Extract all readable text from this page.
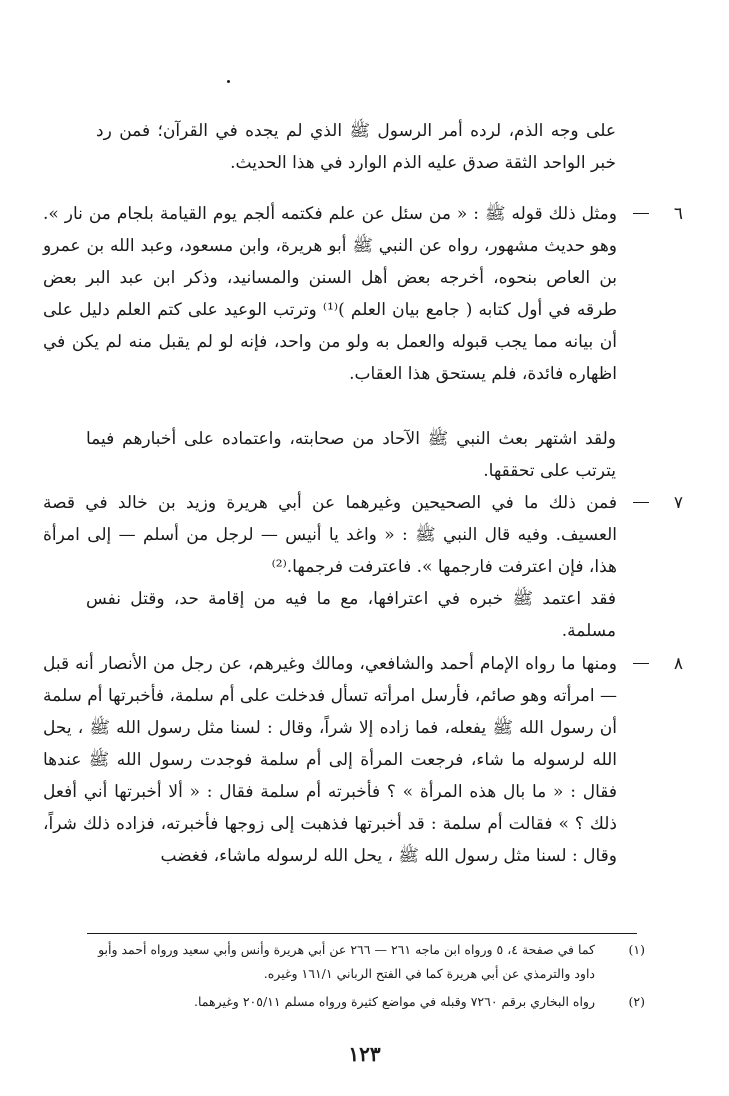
على وجه الذم، لرده أمر الرسول ﷺ الذي لم يجده في القرآن؛ فمن رد خبر الواحد الثقة صدق عليه الذم الوارد في هذا الحديث.
٦
ومثل ذلك قوله ﷺ : « من سئل عن علم فكتمه ألجم يوم القيامة بلجام من نار ». وهو حديث مشهور، رواه عن النبي ﷺ أبو هريرة، وابن مسعود، وعبد الله بن عمرو بن العاص بنحوه، أخرجه بعض أهل السنن والمسانيد، وذكر ابن عبد البر بعض طرقه في أول كتابه ( جامع بيان العلم )⁽¹⁾ وترتب الوعيد على كتم العلم دليل على أن بيانه مما يجب قبوله والعمل به ولو من واحد، فإنه لو لم يقبل منه لم يكن في اظهاره فائدة، فلم يستحق هذا العقاب.
ولقد اشتهر بعث النبي ﷺ الآحاد من صحابته، واعتماده على أخبارهم فيما يترتب على تحققها.
٧
فمن ذلك ما في الصحيحين وغيرهما عن أبي هريرة وزيد بن خالد في قصة العسيف. وفيه قال النبي ﷺ : « واغد يا أنيس — لرجل من أسلم — إلى امرأة هذا، فإن اعترفت فارجمها ». فاعترفت فرجمها.⁽²⁾
فقد اعتمد ﷺ خبره في اعترافها، مع ما فيه من إقامة حد، وقتل نفس مسلمة.
٨
ومنها ما رواه الإمام أحمد والشافعي، ومالك وغيرهم، عن رجل من الأنصار أنه قبل — امرأته وهو صائم، فأرسل امرأته تسأل فدخلت على أم سلمة، فأخبرتها أم سلمة أن رسول الله ﷺ يفعله، فما زاده إلا شراً، وقال : لسنا مثل رسول الله ﷺ ، يحل الله لرسوله ما شاء، فرجعت المرأة إلى أم سلمة فوجدت رسول الله ﷺ عندها فقال : « ما بال هذه المرأة » ؟ فأخبرته أم سلمة فقال : « ألا أخبرتها أني أفعل ذلك ؟ » فقالت أم سلمة : قد أخبرتها فذهبت إلى زوجها فأخبرته، فزاده ذلك شراً، وقال : لسنا مثل رسول الله ﷺ ، يحل الله لرسوله ماشاء، فغضب
(١)
كما في صفحة ٤، ٥ ورواه ابن ماجه ٢٦١ — ٢٦٦ عن أبي هريرة وأنس وأبي سعيد ورواه أحمد وأبو داود والترمذي عن أبي هريرة كما في الفتح الرباني ١٦١/١ وغيره.
(٢)
رواه البخاري برقم ٧٢٦٠ وقبله في مواضع كثيرة ورواه مسلم ٢٠٥/١١ وغيرهما.
١٢٣
